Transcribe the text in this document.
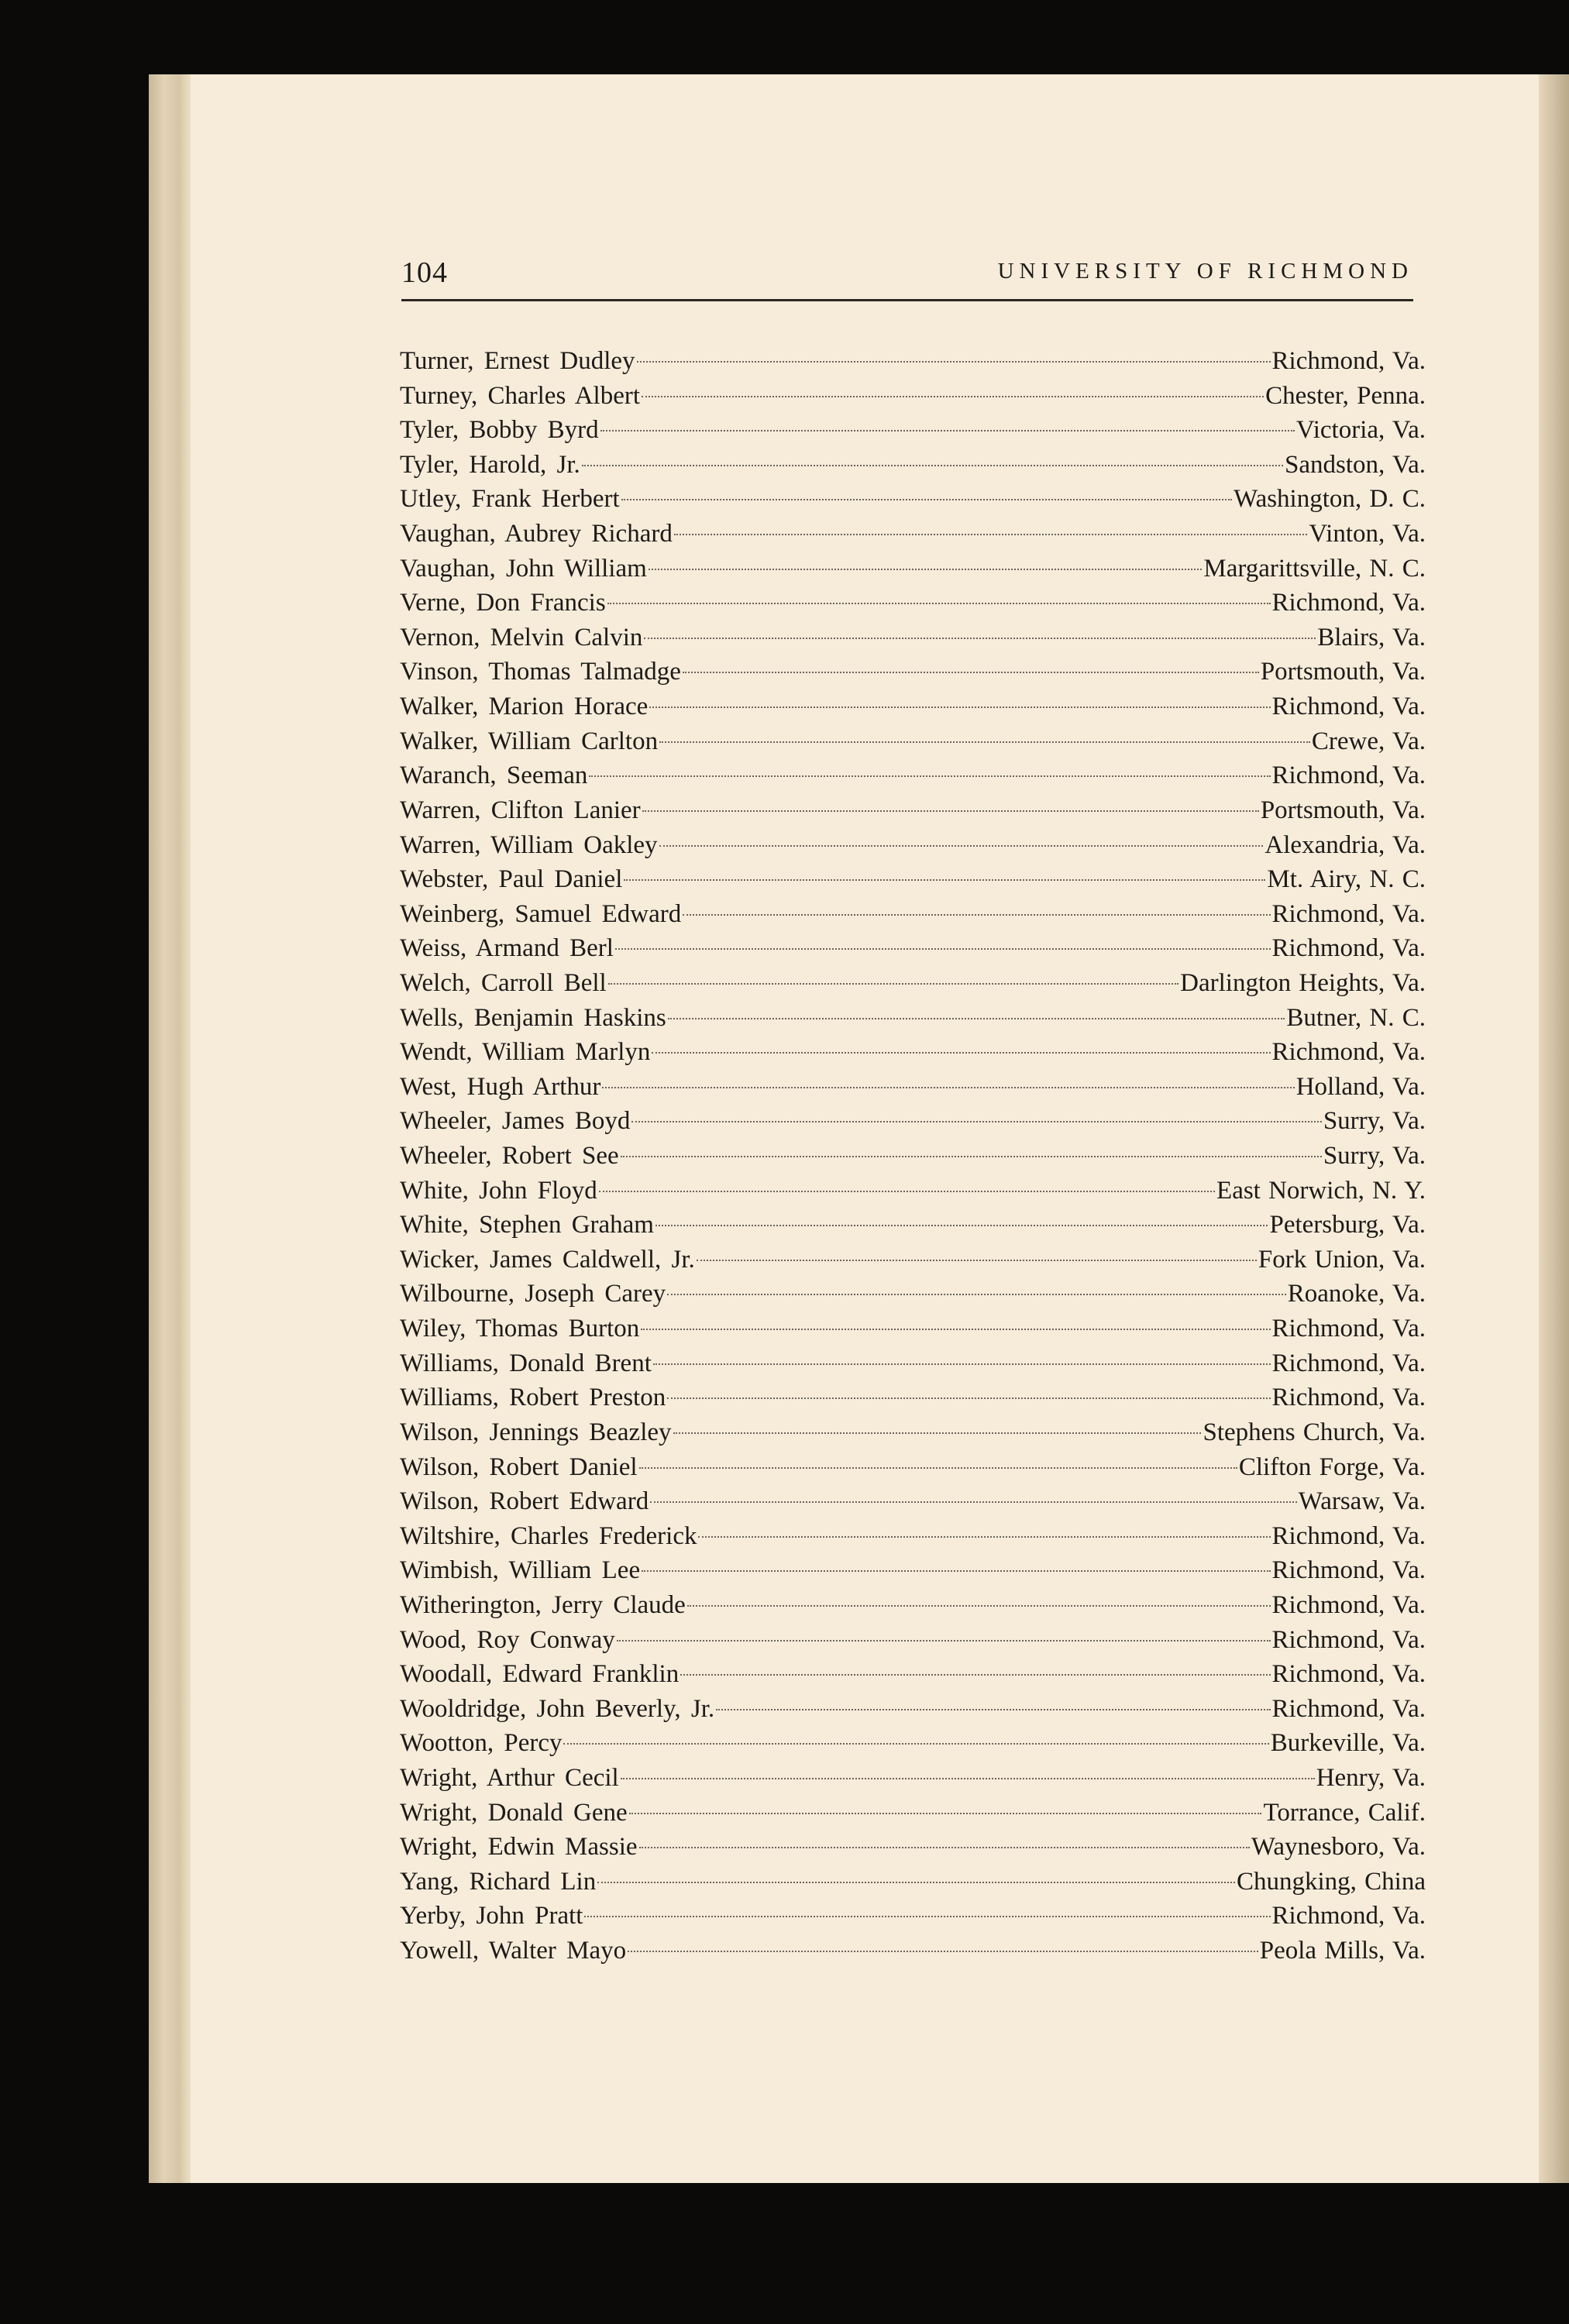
104	UNIVERSITY OF RICHMOND
Turner, Ernest Dudley	Richmond, Va.
Turney, Charles Albert	Chester, Penna.
Tyler, Bobby Byrd	Victoria, Va.
Tyler, Harold, Jr.	Sandston, Va.
Utley, Frank Herbert	Washington, D. C.
Vaughan, Aubrey Richard	Vinton, Va.
Vaughan, John William	Margarittsville, N. C.
Verne, Don Francis	Richmond, Va.
Vernon, Melvin Calvin	Blairs, Va.
Vinson, Thomas Talmadge	Portsmouth, Va.
Walker, Marion Horace	Richmond, Va.
Walker, William Carlton	Crewe, Va.
Waranch, Seeman	Richmond, Va.
Warren, Clifton Lanier	Portsmouth, Va.
Warren, William Oakley	Alexandria, Va.
Webster, Paul Daniel	Mt. Airy, N. C.
Weinberg, Samuel Edward	Richmond, Va.
Weiss, Armand Berl	Richmond, Va.
Welch, Carroll Bell	Darlington Heights, Va.
Wells, Benjamin Haskins	Butner, N. C.
Wendt, William Marlyn	Richmond, Va.
West, Hugh Arthur	Holland, Va.
Wheeler, James Boyd	Surry, Va.
Wheeler, Robert See	Surry, Va.
White, John Floyd	East Norwich, N. Y.
White, Stephen Graham	Petersburg, Va.
Wicker, James Caldwell, Jr.	Fork Union, Va.
Wilbourne, Joseph Carey	Roanoke, Va.
Wiley, Thomas Burton	Richmond, Va.
Williams, Donald Brent	Richmond, Va.
Williams, Robert Preston	Richmond, Va.
Wilson, Jennings Beazley	Stephens Church, Va.
Wilson, Robert Daniel	Clifton Forge, Va.
Wilson, Robert Edward	Warsaw, Va.
Wiltshire, Charles Frederick	Richmond, Va.
Wimbish, William Lee	Richmond, Va.
Witherington, Jerry Claude	Richmond, Va.
Wood, Roy Conway	Richmond, Va.
Woodall, Edward Franklin	Richmond, Va.
Wooldridge, John Beverly, Jr.	Richmond, Va.
Wootton, Percy	Burkeville, Va.
Wright, Arthur Cecil	Henry, Va.
Wright, Donald Gene	Torrance, Calif.
Wright, Edwin Massie	Waynesboro, Va.
Yang, Richard Lin	Chungking, China
Yerby, John Pratt	Richmond, Va.
Yowell, Walter Mayo	Peola Mills, Va.
